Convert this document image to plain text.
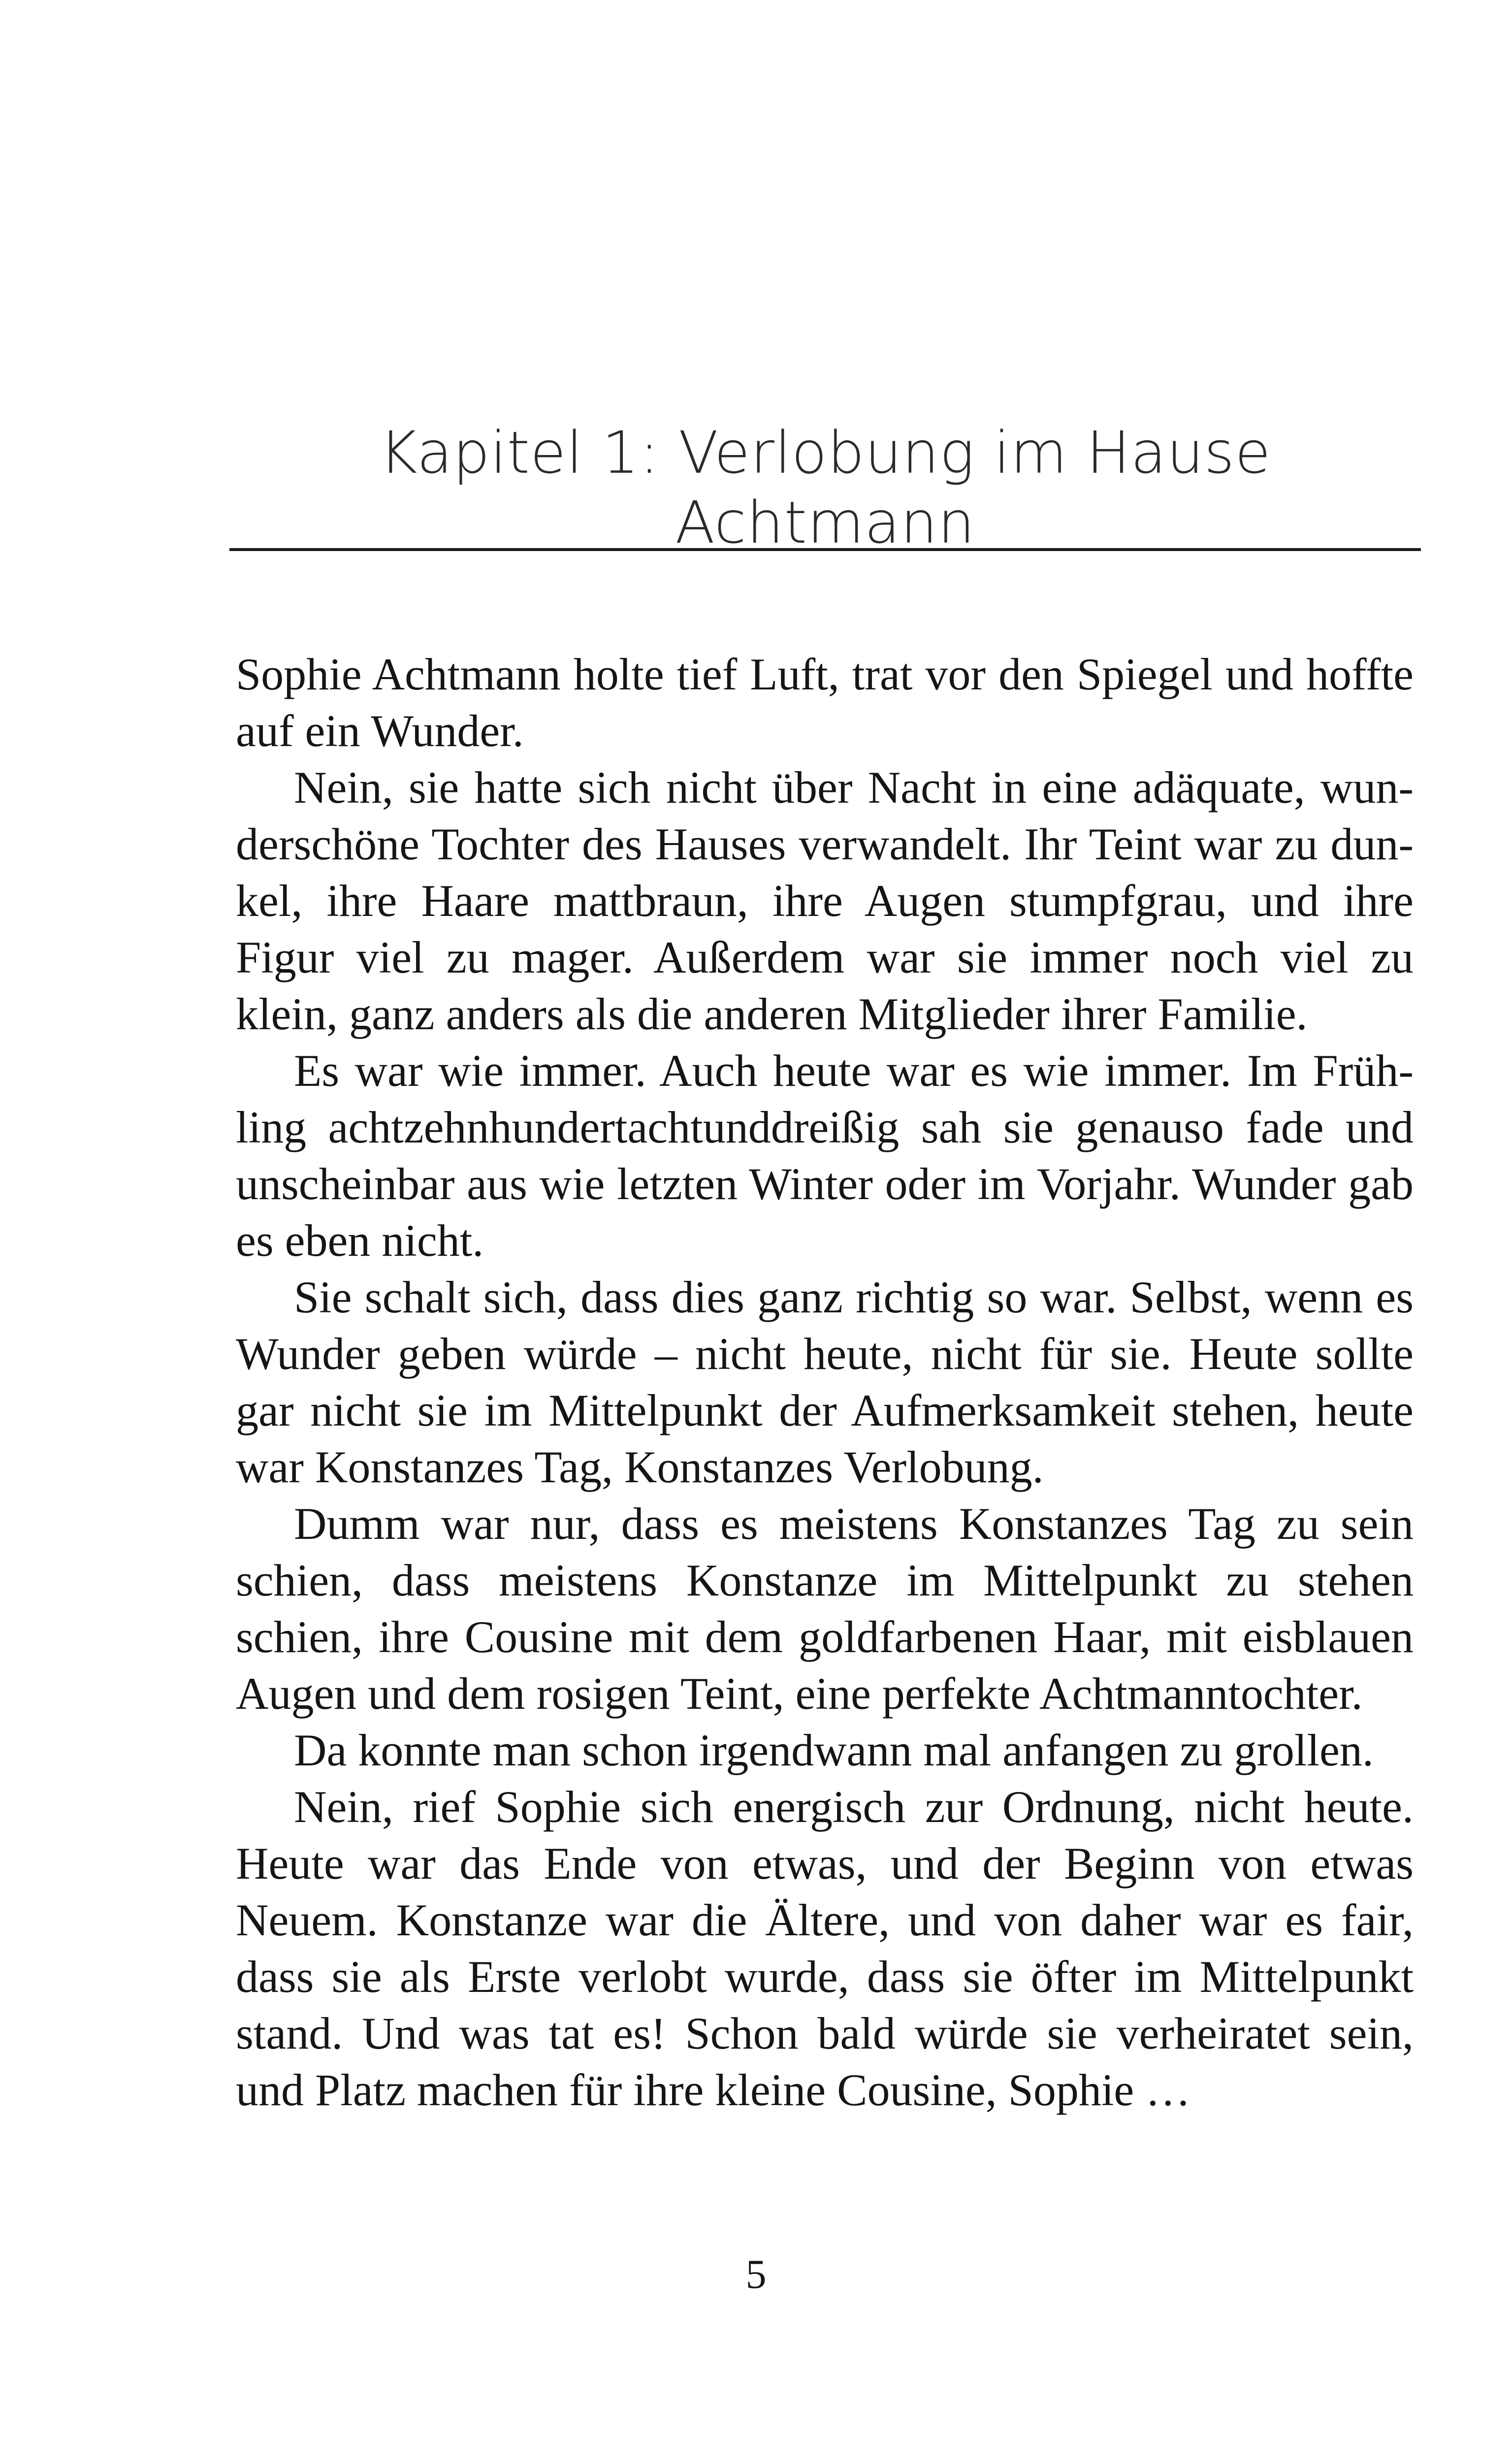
Kapitel 1: Verlobung im Hause Achtmann

Sophie Achtmann holte tief Luft, trat vor den Spiegel und hoffte auf ein Wunder.

Nein, sie hatte sich nicht über Nacht in eine adäquate, wunderschöne Tochter des Hauses verwandelt. Ihr Teint war zu dunkel, ihre Haare mattbraun, ihre Augen stumpfgrau, und ihre Figur viel zu mager. Außerdem war sie immer noch viel zu klein, ganz anders als die anderen Mitglieder ihrer Familie.

Es war wie immer. Auch heute war es wie immer. Im Frühling achtzehnhundertachtunddreißig sah sie genauso fade und unscheinbar aus wie letzten Winter oder im Vorjahr. Wunder gab es eben nicht.

Sie schalt sich, dass dies ganz richtig so war. Selbst, wenn es Wunder geben würde – nicht heute, nicht für sie. Heute sollte gar nicht sie im Mittelpunkt der Aufmerksamkeit stehen, heute war Konstanzes Tag, Konstanzes Verlobung.

Dumm war nur, dass es meistens Konstanzes Tag zu sein schien, dass meistens Konstanze im Mittelpunkt zu stehen schien, ihre Cousine mit dem goldfarbenen Haar, mit eisblauen Augen und dem rosigen Teint, eine perfekte Achtmanntochter.

Da konnte man schon irgendwann mal anfangen zu grollen.

Nein, rief Sophie sich energisch zur Ordnung, nicht heute. Heute war das Ende von etwas, und der Beginn von etwas Neuem. Konstanze war die Ältere, und von daher war es fair, dass sie als Erste verlobt wurde, dass sie öfter im Mittelpunkt stand. Und was tat es! Schon bald würde sie verheiratet sein, und Platz machen für ihre kleine Cousine, Sophie …

5
